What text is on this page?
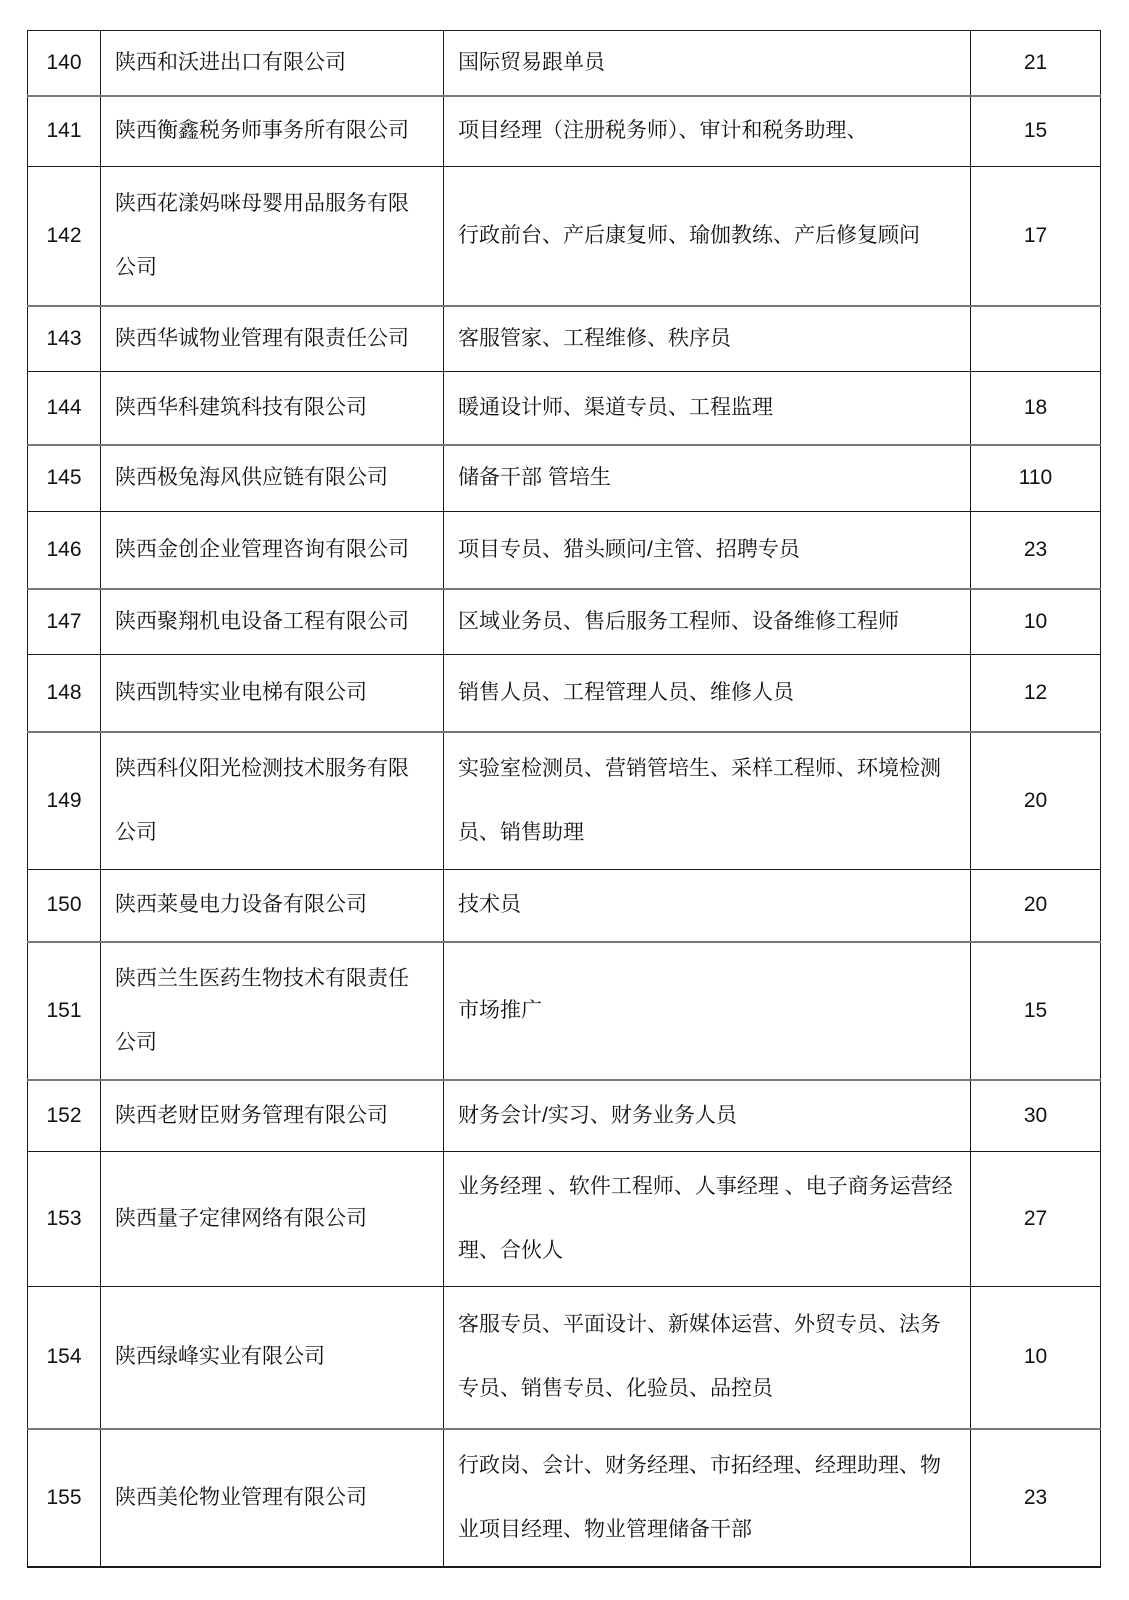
140	陕西和沃进出口有限公司	国际贸易跟单员	21
141	陕西衡鑫税务师事务所有限公司	项目经理（注册税务师）、审计和税务助理、	15
142	陕西花漾妈咪母婴用品服务有限公司	行政前台、产后康复师、瑜伽教练、产后修复顾问	17
143	陕西华诚物业管理有限责任公司	客服管家、工程维修、秩序员	
144	陕西华科建筑科技有限公司	暖通设计师、渠道专员、工程监理	18
145	陕西极兔海风供应链有限公司	储备干部 管培生	110
146	陕西金创企业管理咨询有限公司	项目专员、猎头顾问/主管、招聘专员	23
147	陕西聚翔机电设备工程有限公司	区域业务员、售后服务工程师、设备维修工程师	10
148	陕西凯特实业电梯有限公司	销售人员、工程管理人员、维修人员	12
149	陕西科仪阳光检测技术服务有限公司	实验室检测员、营销管培生、采样工程师、环境检测员、销售助理	20
150	陕西莱曼电力设备有限公司	技术员	20
151	陕西兰生医药生物技术有限责任公司	市场推广	15
152	陕西老财臣财务管理有限公司	财务会计/实习、财务业务人员	30
153	陕西量子定律网络有限公司	业务经理 、软件工程师、人事经理 、电子商务运营经理、合伙人	27
154	陕西绿峰实业有限公司	客服专员、平面设计、新媒体运营、外贸专员、法务专员、销售专员、化验员、品控员	10
155	陕西美伦物业管理有限公司	行政岗、会计、财务经理、市拓经理、经理助理、物业项目经理、物业管理储备干部	23
